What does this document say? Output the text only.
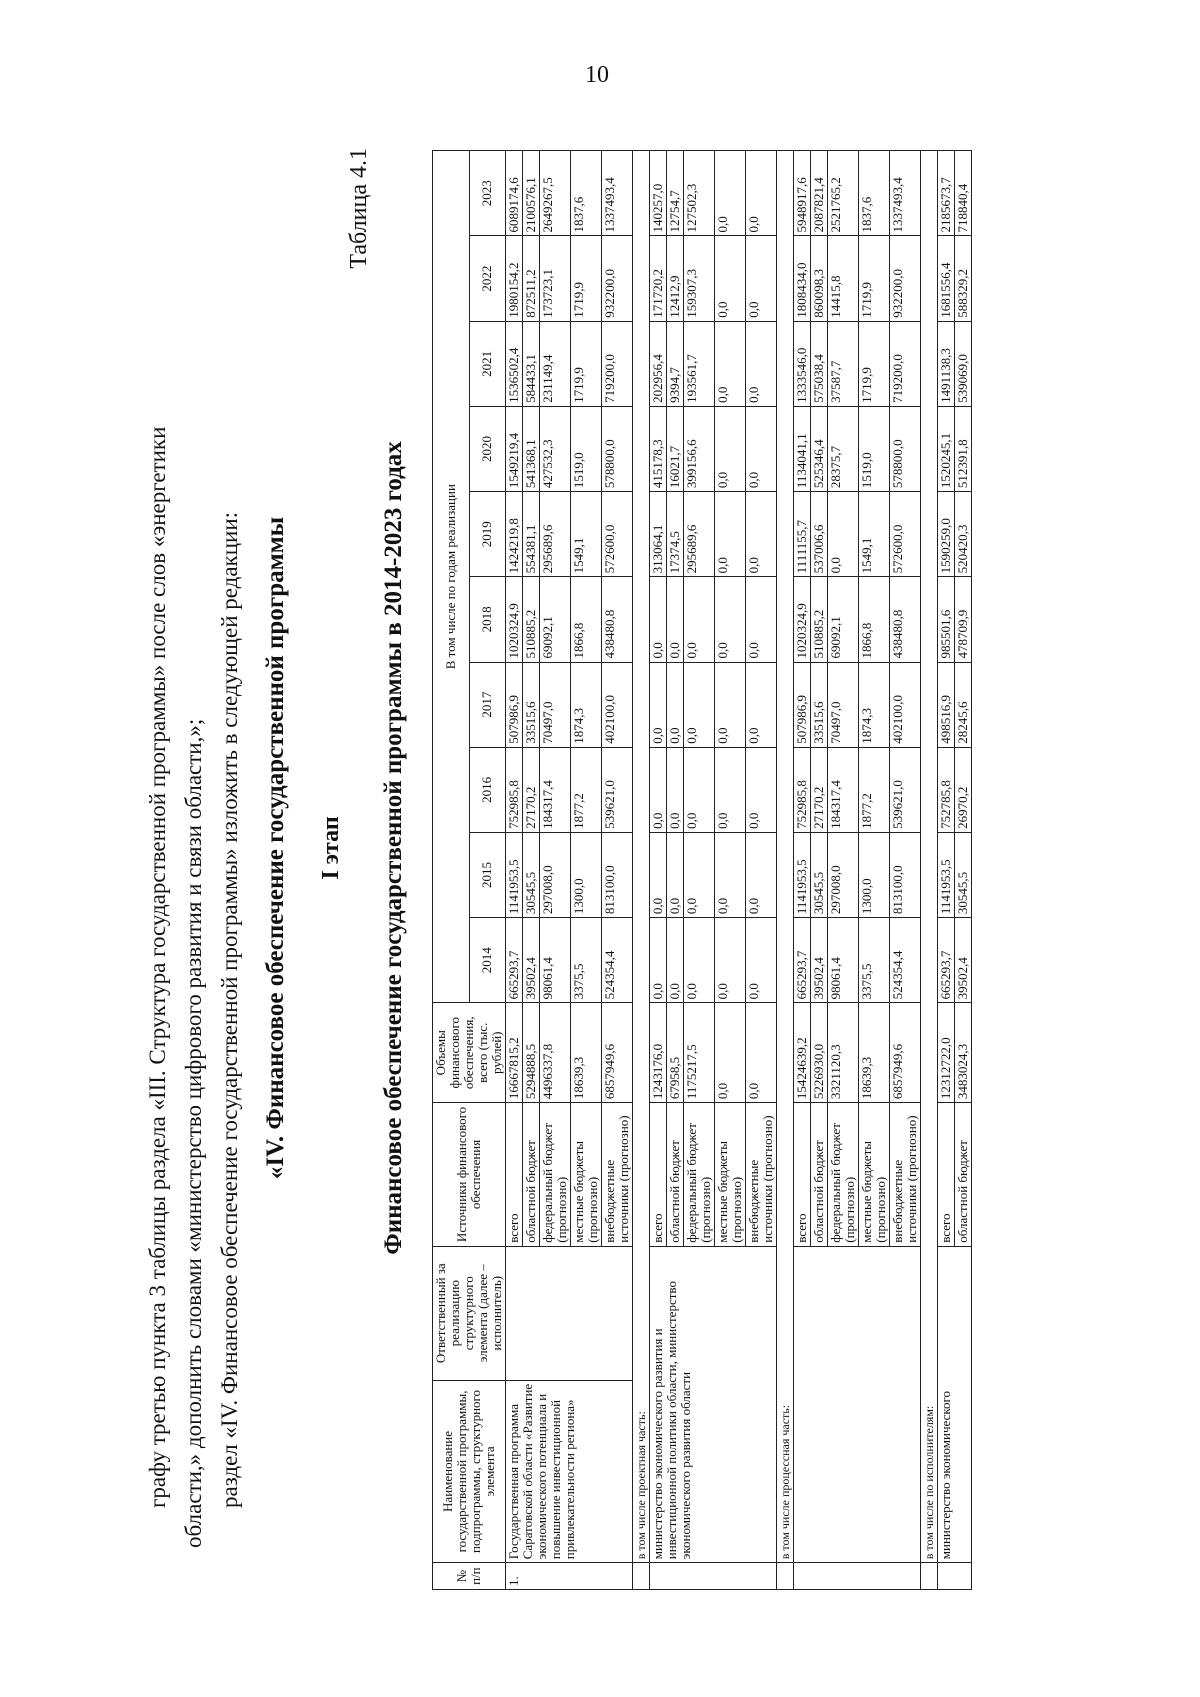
10

графу третью пункта 3 таблицы раздела «III. Структура государственной программы» после слов «энергетики области,» дополнить словами «министерство цифрового развития и связи области,»; раздел «IV. Финансовое обеспечение государственной программы» изложить в следующей редакции: «IV. Финансовое обеспечение государственной программы I этап
Таблица 4.1
Финансовое обеспечение государственной программы в 2014-2023 годах
№ п/п	Наименование государственной программы, подпрограммы, структурного элемента	Ответственный за реализацию структурного элемента (далее – исполнитель)	Источники финансового обеспечения	Объемы финансового обеспечения, всего (тыс. рублей)	В том числе по годам реализации									
					2014	2015	2016	2017	2018	2019	2020	2021	2022	2023
1.	Государственная программа Саратовской области «Развитие экономического потенциала и повышение инвестиционной привлекательности региона»		всего	16667815,2	665293,7	1141953,5	752985,8	507986,9	1020324,9	1424219,8	1549219,4	1536502,4	1980154,2	6089174,6
			областной бюджет	5294888,5	39502,4	30545,5	27170,2	33515,6	510885,2	554381,1	541368,1	584433,1	872511,2	2100576,1
			федеральный бюджет (прогнозно)	4496337,8	98061,4	297008,0	184317,4	70497,0	69092,1	295689,6	427532,3	231149,4	173723,1	2649267,5
			местные бюджеты (прогнозно)	18639,3	3375,5	1300,0	1877,2	1874,3	1866,8	1549,1	1519,0	1719,9	1719,9	1837,6
			внебюджетные источники (прогнозно)	6857949,6	524354,4	813100,0	539621,0	402100,0	438480,8	572600,0	578800,0	719200,0	932200,0	1337493,4
	в том числе проектная часть:													
	министерство экономического развития и инвестиционной политики области, министерство экономического развития области		всего	1243176,0	0,0	0,0	0,0	0,0	0,0	313064,1	415178,3	202956,4	171720,2	140257,0
			областной бюджет	67958,5	0,0	0,0	0,0	0,0	0,0	17374,5	16021,7	9394,7	12412,9	12754,7
			федеральный бюджет (прогнозно)	1175217,5	0,0	0,0	0,0	0,0	0,0	295689,6	399156,6	193561,7	159307,3	127502,3
			местные бюджеты (прогнозно)	0,0	0,0	0,0	0,0	0,0	0,0	0,0	0,0	0,0	0,0	0,0
			внебюджетные источники (прогнозно)	0,0	0,0	0,0	0,0	0,0	0,0	0,0	0,0	0,0	0,0	0,0
	в том числе процессная часть:													
			всего	15424639,2	665293,7	1141953,5	752985,8	507986,9	1020324,9	1111155,7	1134041,1	1333546,0	1808434,0	5948917,6
			областной бюджет	5226930,0	39502,4	30545,5	27170,2	33515,6	510885,2	537006,6	525346,4	575038,4	860098,3	2087821,4
			федеральный бюджет (прогнозно)	3321120,3	98061,4	297008,0	184317,4	70497,0	69092,1	0,0	28375,7	37587,7	14415,8	2521765,2
			местные бюджеты (прогнозно)	18639,3	3375,5	1300,0	1877,2	1874,3	1866,8	1549,1	1519,0	1719,9	1719,9	1837,6
			внебюджетные источники (прогнозно)	6857949,6	524354,4	813100,0	539621,0	402100,0	438480,8	572600,0	578800,0	719200,0	932200,0	1337493,4
	в том числе по исполнителям:													
	министерство экономического		всего	12312722,0	665293,7	1141953,5	752785,8	498516,9	985501,6	1590259,0	1520245,1	1491138,3	1681556,4	2185673,7
			областной бюджет	3483024,3	39502,4	30545,5	26970,2	28245,6	478709,9	520420,3	512391,8	539069,0	588329,2	718840,4
